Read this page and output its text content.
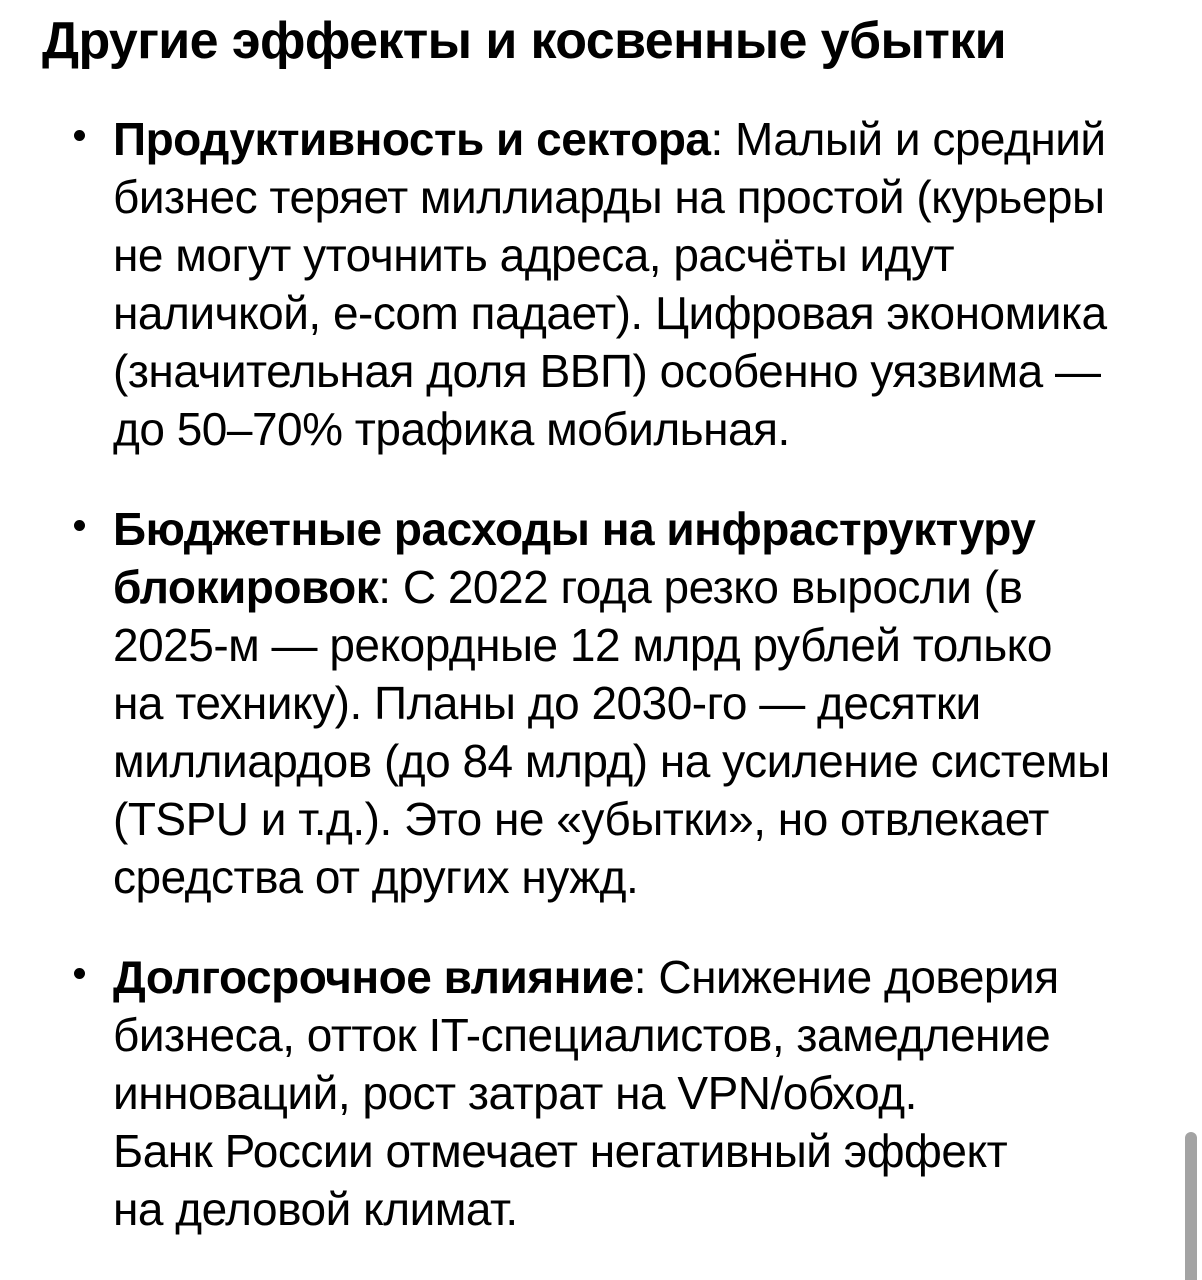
Другие эффекты и косвенные убытки
Продуктивность и сектора: Малый и средний
бизнес теряет миллиарды на простой (курьеры
не могут уточнить адреса, расчёты идут
наличкой, e-com падает). Цифровая экономика
(значительная доля ВВП) особенно уязвима —
до 50–70% трафика мобильная.
Бюджетные расходы на инфраструктуру
блокировок: С 2022 года резко выросли (в
2025-м — рекордные 12 млрд рублей только
на технику). Планы до 2030-го — десятки
миллиардов (до 84 млрд) на усиление системы
(TSPU и т.д.). Это не «убытки», но отвлекает
средства от других нужд.
Долгосрочное влияние: Снижение доверия
бизнеса, отток IT-специалистов, замедление
инноваций, рост затрат на VPN/обход.
Банк России отмечает негативный эффект
на деловой климат.
